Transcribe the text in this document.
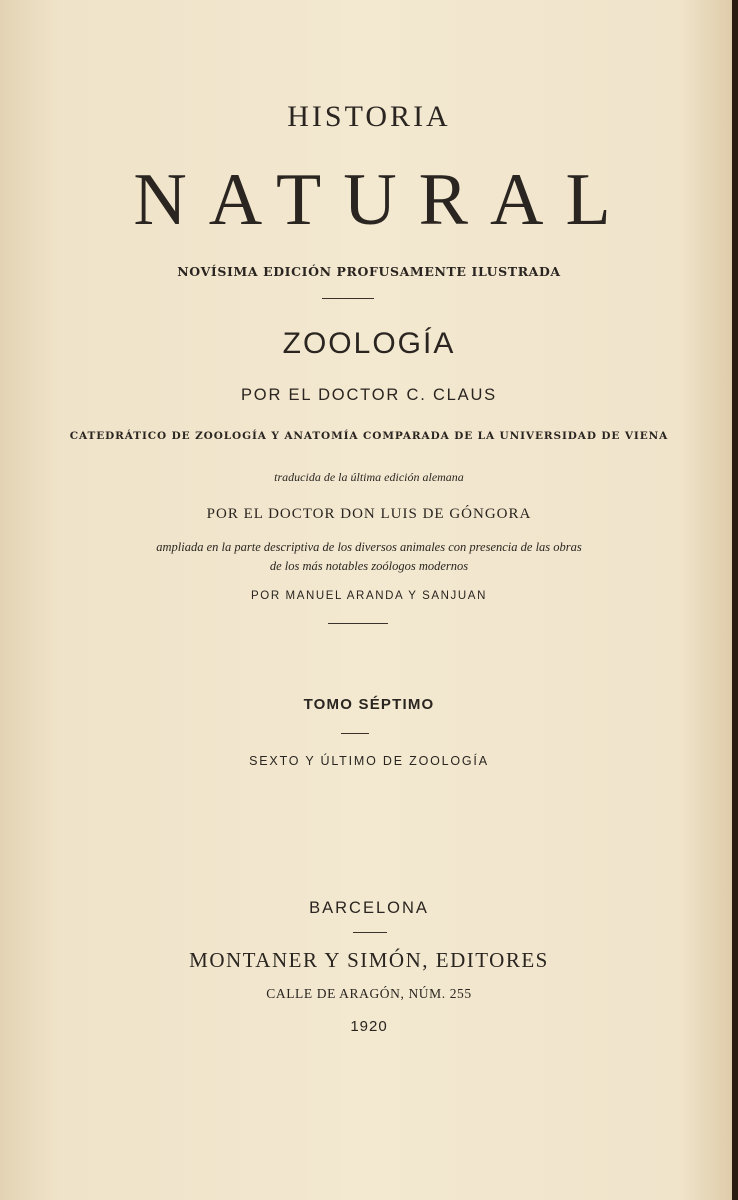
HISTORIA
NATURAL
NOVÍSIMA EDICIÓN PROFUSAMENTE ILUSTRADA
ZOOLOGÍA
POR EL DOCTOR C. CLAUS
CATEDRÁTICO DE ZOOLOGÍA Y ANATOMÍA COMPARADA DE LA UNIVERSIDAD DE VIENA
traducida de la última edición alemana
POR EL DOCTOR DON LUIS DE GÓNGORA
ampliada en la parte descriptiva de los diversos animales con presencia de las obras
de los más notables zoólogos modernos
POR MANUEL ARANDA Y SANJUAN
TOMO SÉPTIMO
SEXTO Y ÚLTIMO DE ZOOLOGÍA
BARCELONA
MONTANER Y SIMÓN, EDITORES
CALLE DE ARAGÓN, NÚM. 255
1920
